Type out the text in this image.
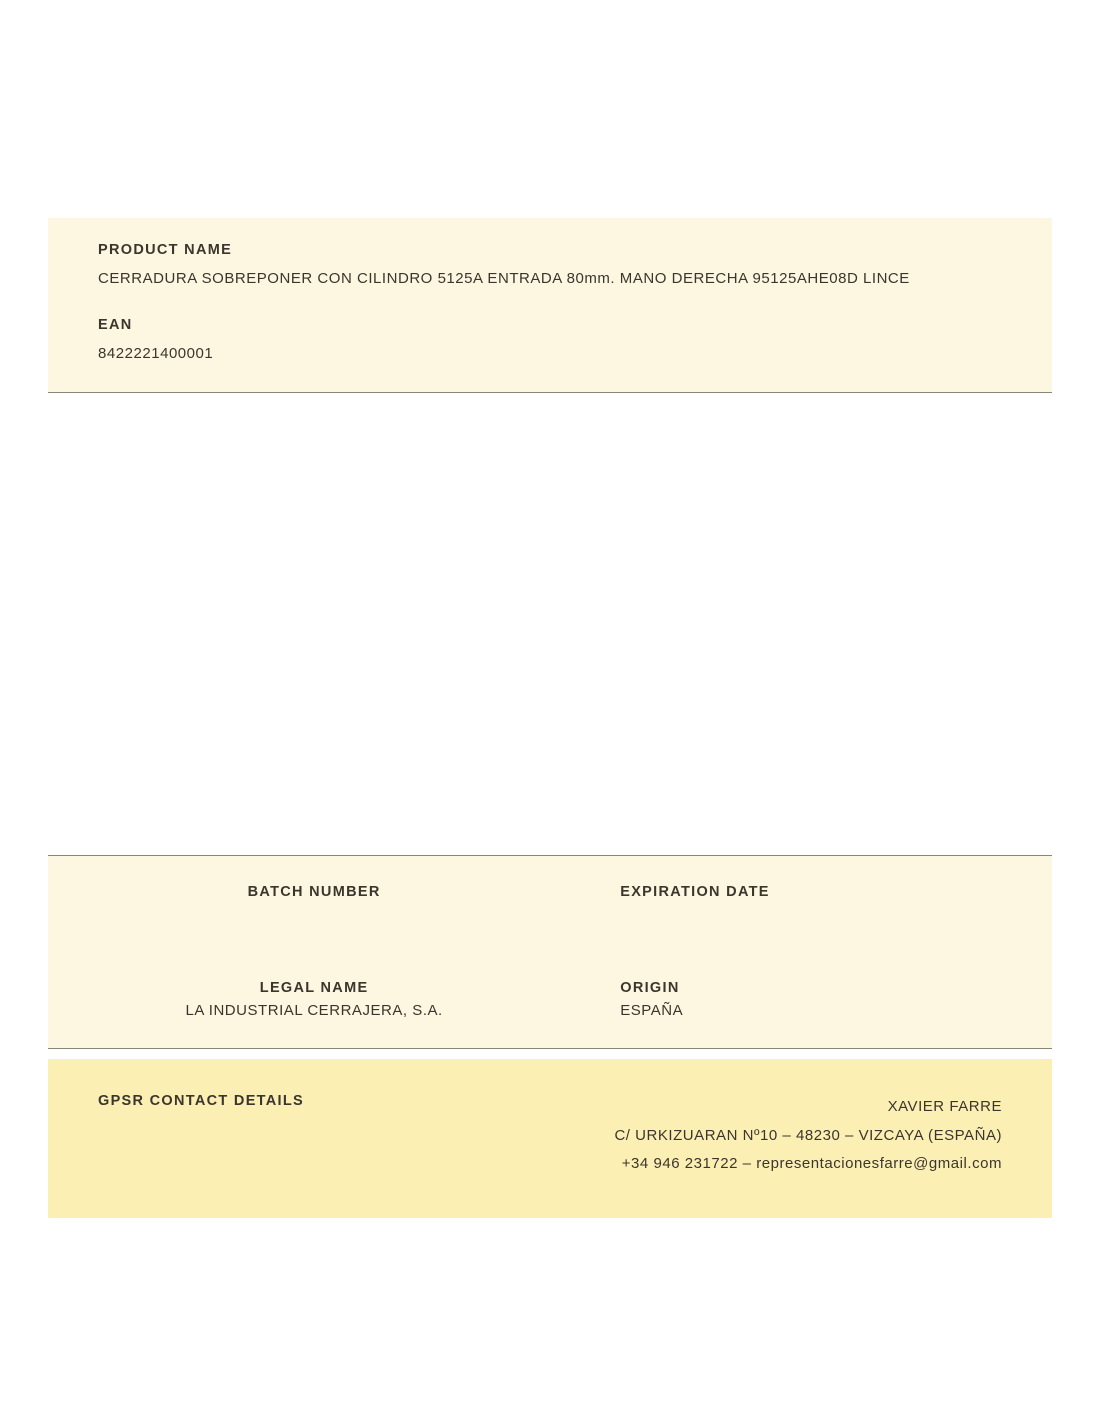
PRODUCT NAME

CERRADURA SOBREPONER CON CILINDRO 5125A ENTRADA 80mm. MANO DERECHA 95125AHE08D LINCE

EAN

8422221400001

BATCH NUMBER	EXPIRATION DATE

LEGAL NAME

LA INDUSTRIAL CERRAJERA, S.A.

ORIGIN

ESPAÑA

GPSR CONTACT DETAILS	XAVIER FARRE
C/ URKIZUARAN Nº10 – 48230 – VIZCAYA (ESPAÑA)
+34 946 231722 – representacionesfarre@gmail.com
